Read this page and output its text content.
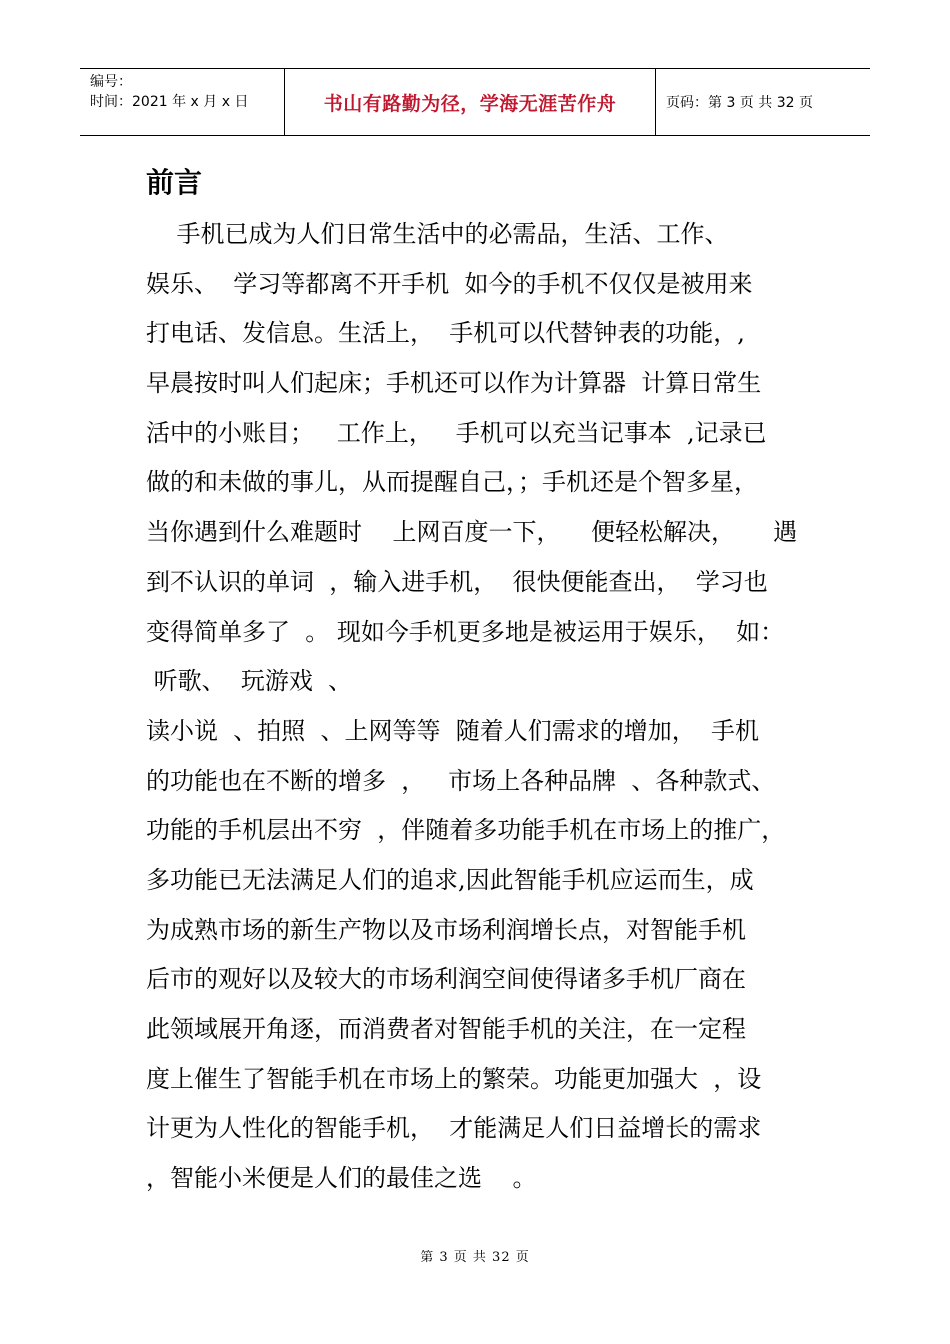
编号：
时间：2021 年 x 月 x 日	书山有路勤为径，学海无涯苦作舟	页码：第 3 页 共 32 页
前言
手机已成为人们日常生活中的必需品，生活、工作、
娱乐、  学习等都离不开手机  如今的手机不仅仅是被用来
打电话、发信息。生活上，  手机可以代替钟表的功能，,
早晨按时叫人们起床；手机还可以作为计算器  计算日常生
活中的小账目；   工作上，   手机可以充当记事本  ,记录已
做的和未做的事儿，从而提醒自己，；手机还是个智多星，
当你遇到什么难题时    上网百度一下，    便轻松解决，     遇
到不认识的单词  ，输入进手机，  很快便能查出，  学习也
变得简单多了  。 现如今手机更多地是被运用于娱乐，  如：
听歌、  玩游戏  、
读小说  、拍照  、上网等等  随着人们需求的增加，  手机
的功能也在不断的增多  ，   市场上各种品牌  、各种款式、
功能的手机层出不穷  ，伴随着多功能手机在市场上的推广，
多功能已无法满足人们的追求,因此智能手机应运而生，成
为成熟市场的新生产物以及市场利润增长点，对智能手机
后市的观好以及较大的市场利润空间使得诸多手机厂商在
此领域展开角逐，而消费者对智能手机的关注，在一定程
度上催生了智能手机在市场上的繁荣。功能更加强大  ，设
计更为人性化的智能手机，  才能满足人们日益增长的需求
，智能小米便是人们的最佳之选    。
第 3 页 共 32 页
